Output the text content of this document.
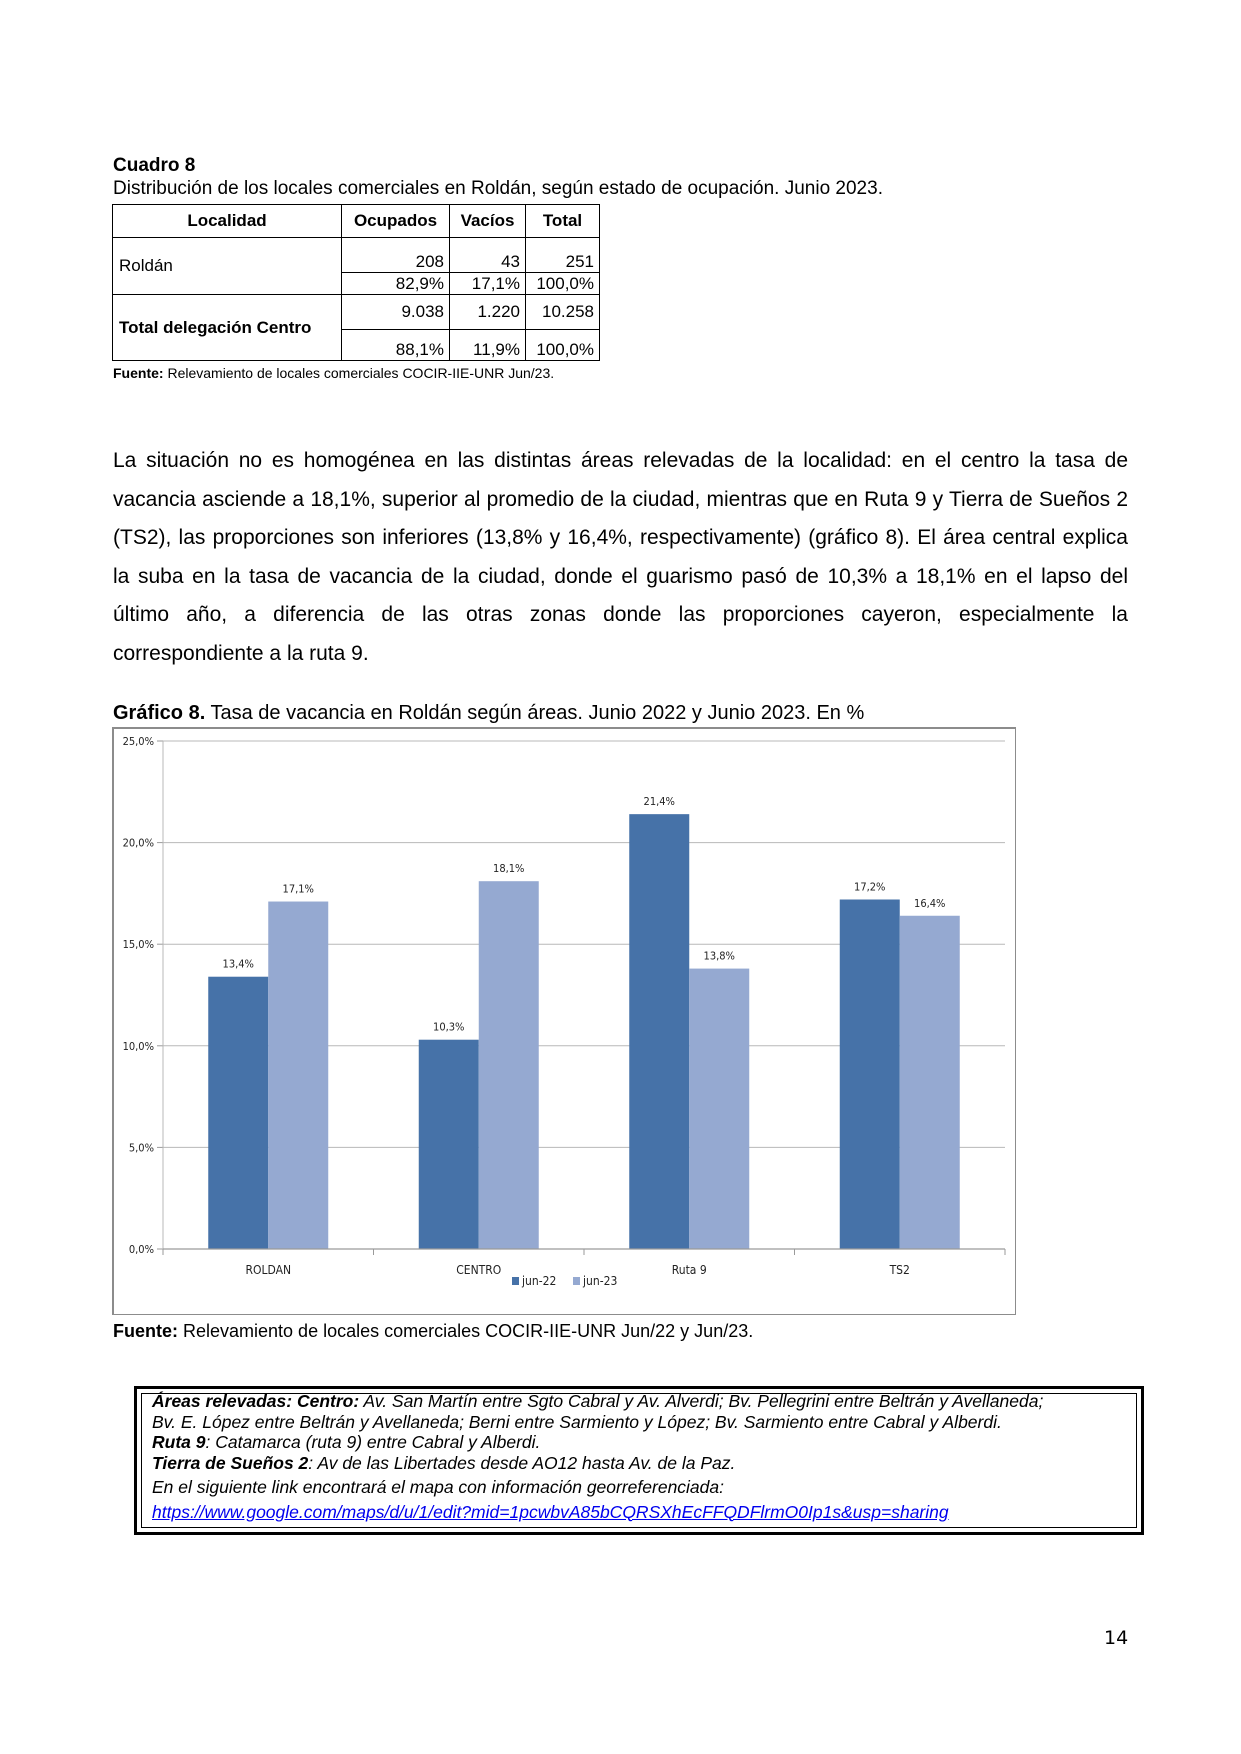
Cuadro 8
Distribución de los locales comerciales en Roldán, según estado de ocupación. Junio 2023.
Localidad	Ocupados	Vacíos	Total
Roldán	208	43	251
	82,9%	17,1%	100,0%
Total delegación Centro	9.038	1.220	10.258
	88,1%	11,9%	100,0%
Fuente: Relevamiento de locales comerciales COCIR-IIE-UNR Jun/23.
La situación no es homogénea en las distintas áreas relevadas de la localidad: en el centro la tasa de vacancia asciende a 18,1%, superior al promedio de la ciudad, mientras que en Ruta 9 y Tierra de Sueños 2 (TS2), las proporciones son inferiores (13,8% y 16,4%, respectivamente) (gráfico 8). El área central explica la suba en la tasa de vacancia de la ciudad, donde el guarismo pasó de 10,3% a 18,1% en el lapso del último año, a diferencia de las otras zonas donde las proporciones cayeron, especialmente la correspondiente a la ruta 9.
Gráfico 8. Tasa de vacancia en Roldán según áreas. Junio 2022 y Junio 2023. En %
0,0%
5,0%
10,0%
15,0%
20,0%
25,0%
13,4%
17,1%
ROLDAN
10,3%
18,1%
CENTRO
21,4%
13,8%
Ruta 9
17,2%
16,4%
TS2
jun-22 jun-23
Fuente: Relevamiento de locales comerciales COCIR-IIE-UNR Jun/22 y Jun/23.
Áreas relevadas: Centro: Av. San Martín entre Sgto Cabral y Av. Alverdi; Bv. Pellegrini entre Beltrán y Avellaneda;
Bv. E. López entre Beltrán y Avellaneda; Berni entre Sarmiento y López; Bv. Sarmiento entre Cabral y Alberdi.
Ruta 9: Catamarca (ruta 9) entre Cabral y Alberdi.
Tierra de Sueños 2: Av de las Libertades desde AO12 hasta Av. de la Paz.
En el siguiente link encontrará el mapa con información georreferenciada:
https://www.google.com/maps/d/u/1/edit?mid=1pcwbvA85bCQRSXhEcFFQDFlrmO0Ip1s&usp=sharing
14
